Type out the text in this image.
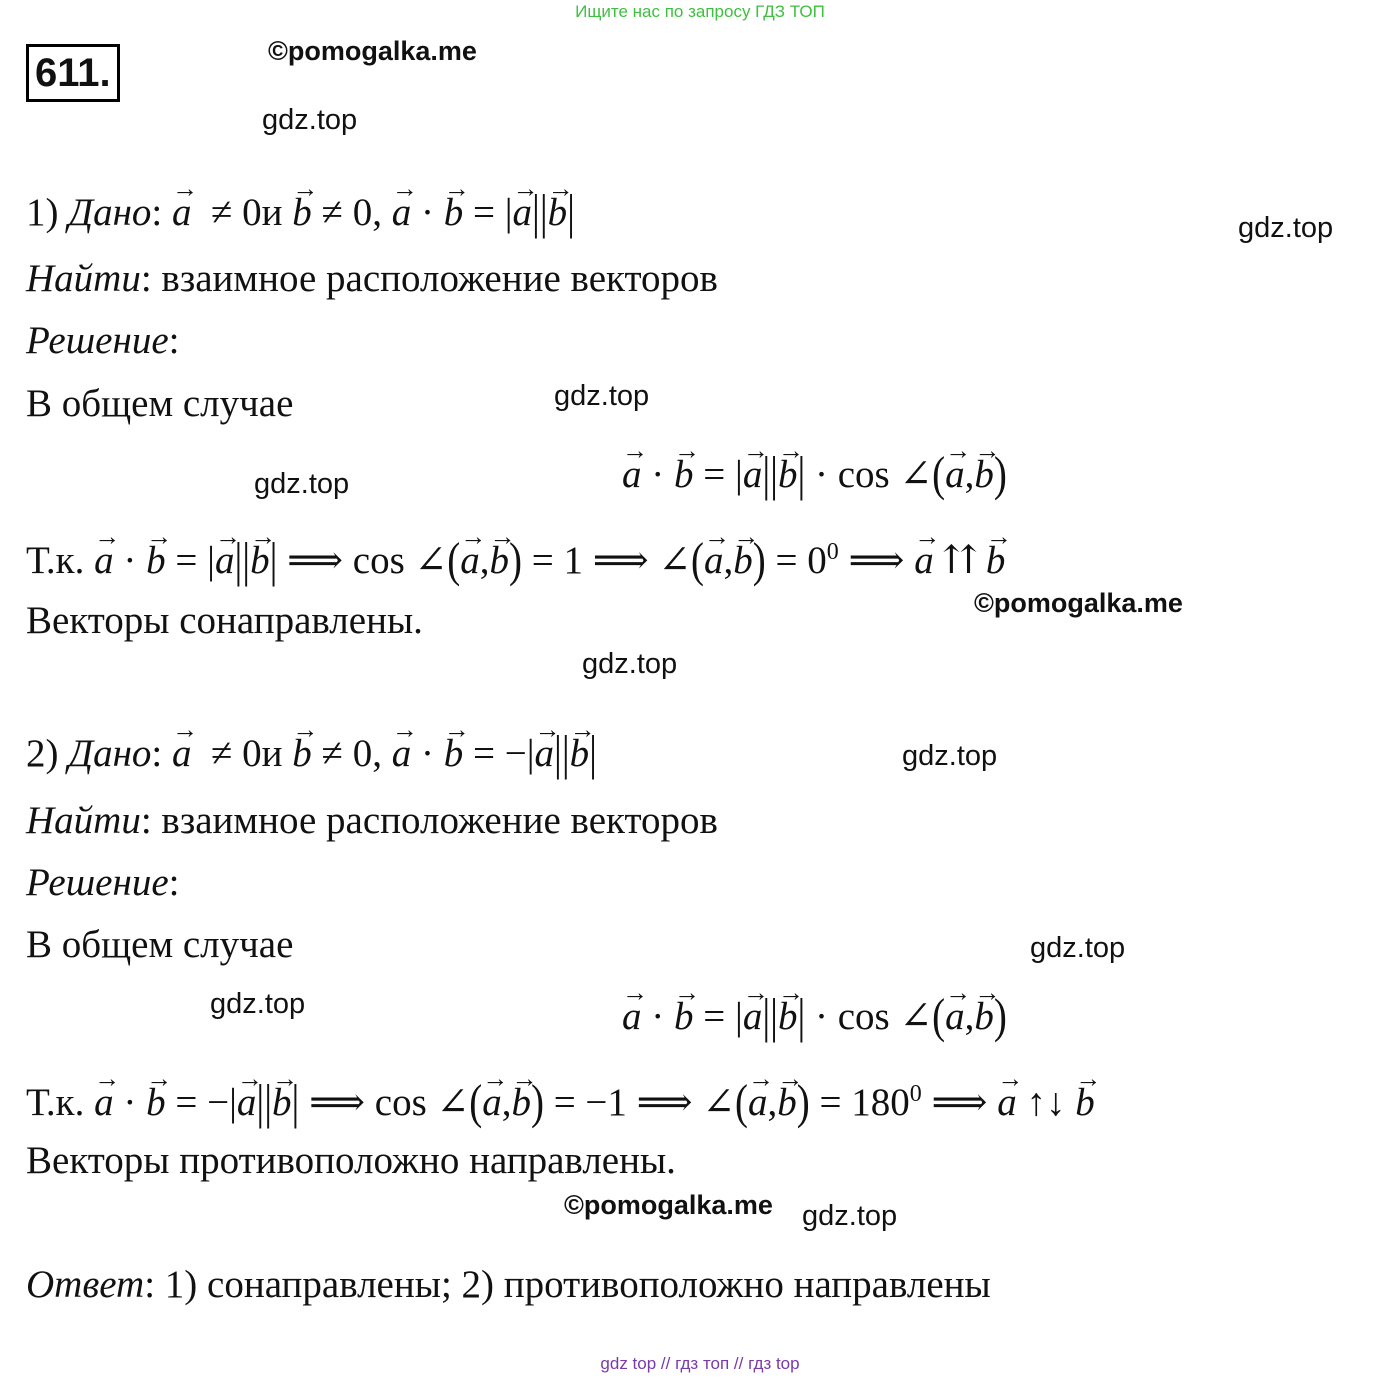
Ищите нас по запросу ГДЗ ТОП
611.	©pomogalka.me
gdz.top
gdz.top
gdz.top
gdz.top
©pomogalka.me
gdz.top
gdz.top
gdz.top
gdz.top
©pomogalka.me gdz.top
1) Дано: a → ≠ 0и b → ≠ 0, a → · b → = |a →||b →|
Найти: взаимное расположение векторов
Решение:
В общем случае
a → · b → = |a →||b →| · cos ∠(a →,b →)
Т.к. a → · b → = |a →||b →| ⟹ cos ∠(a →,b →) = 1 ⟹ ∠(a →,b →) = $0^0$ ⟹ a → ⇈ b →
Векторы сонаправлены.
2) Дано: a → ≠ 0и b → ≠ 0, a → · b → = −|a →||b →|
Найти: взаимное расположение векторов
Решение:
В общем случае
a → · b → = |a →||b →| · cos ∠(a →,b →)
Т.к. a → · b → = −|a →||b →| ⟹ cos ∠(a →,b →) = −1 ⟹ ∠(a →,b →) = $180^0$ ⟹ a → ↑↓ b →
Векторы противоположно направлены.
Ответ: 1) сонаправлены; 2) противоположно направлены
gdz top // гдз топ // гдз top
